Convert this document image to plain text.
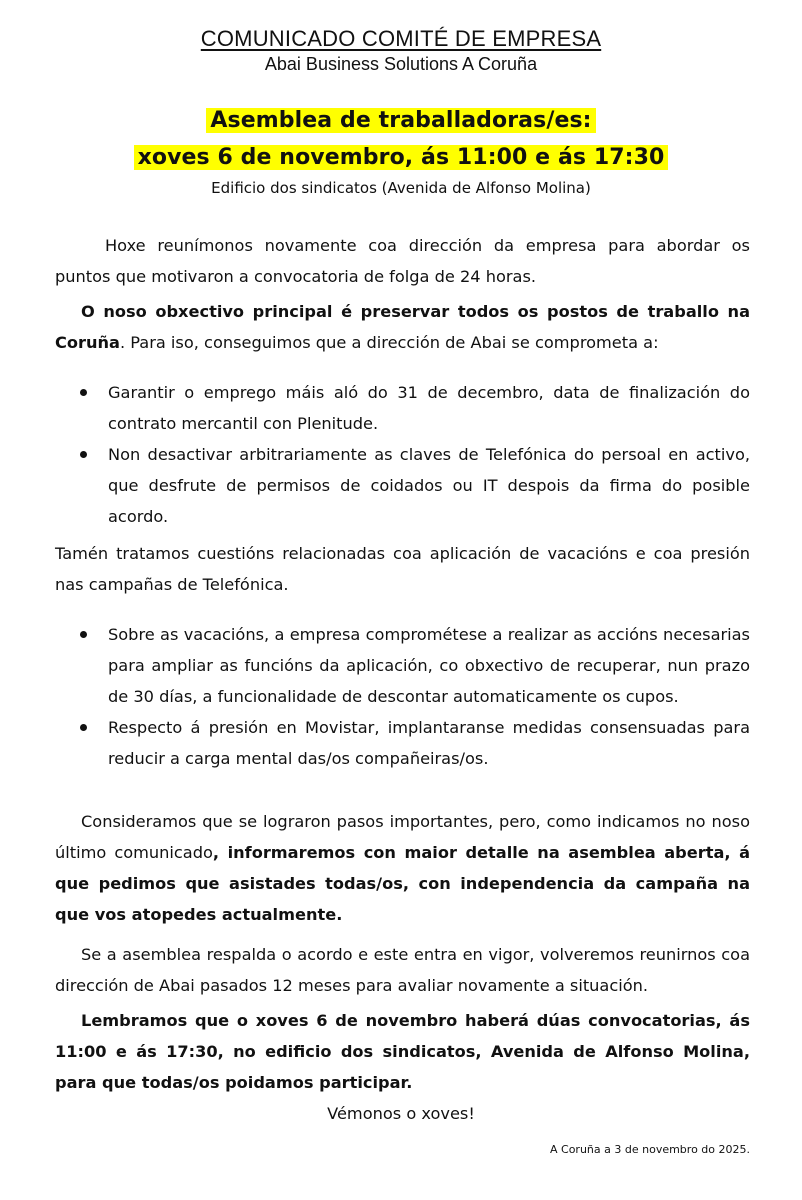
COMUNICADO COMITÉ DE EMPRESA
Abai Business Solutions A Coruña
Asemblea de traballadoras/es:
xoves 6 de novembro, ás 11:00 e ás 17:30
Edificio dos sindicatos (Avenida de Alfonso Molina)
Hoxe reunímonos novamente coa dirección da empresa para abordar os puntos que motivaron a convocatoria de folga de 24 horas.
O noso obxectivo principal é preservar todos os postos de traballo na Coruña. Para iso, conseguimos que a dirección de Abai se comprometa a:
Garantir o emprego máis aló do 31 de decembro, data de finalización do contrato mercantil con Plenitude.
Non desactivar arbitrariamente as claves de Telefónica do persoal en activo, que desfrute de permisos de coidados ou IT despois da firma do posible acordo.
Tamén tratamos cuestións relacionadas coa aplicación de vacacións e coa presión nas campañas de Telefónica.
Sobre as vacacións, a empresa comprométese a realizar as accións necesarias para ampliar as funcións da aplicación, co obxectivo de recuperar, nun prazo de 30 días, a funcionalidade de descontar automaticamente os cupos.
Respecto á presión en Movistar, implantaranse medidas consensuadas para reducir a carga mental das/os compañeiras/os.
Consideramos que se lograron pasos importantes, pero, como indicamos no noso último comunicado, informaremos con maior detalle na asemblea aberta, á que pedimos que asistades todas/os, con independencia da campaña na que vos atopedes actualmente.
Se a asemblea respalda o acordo e este entra en vigor, volveremos reunirnos coa dirección de Abai pasados 12 meses para avaliar novamente a situación.
Lembramos que o xoves 6 de novembro haberá dúas convocatorias, ás 11:00 e ás 17:30, no edificio dos sindicatos, Avenida de Alfonso Molina, para que todas/os poidamos participar.
Vémonos o xoves!
A Coruña a 3 de novembro do 2025.
